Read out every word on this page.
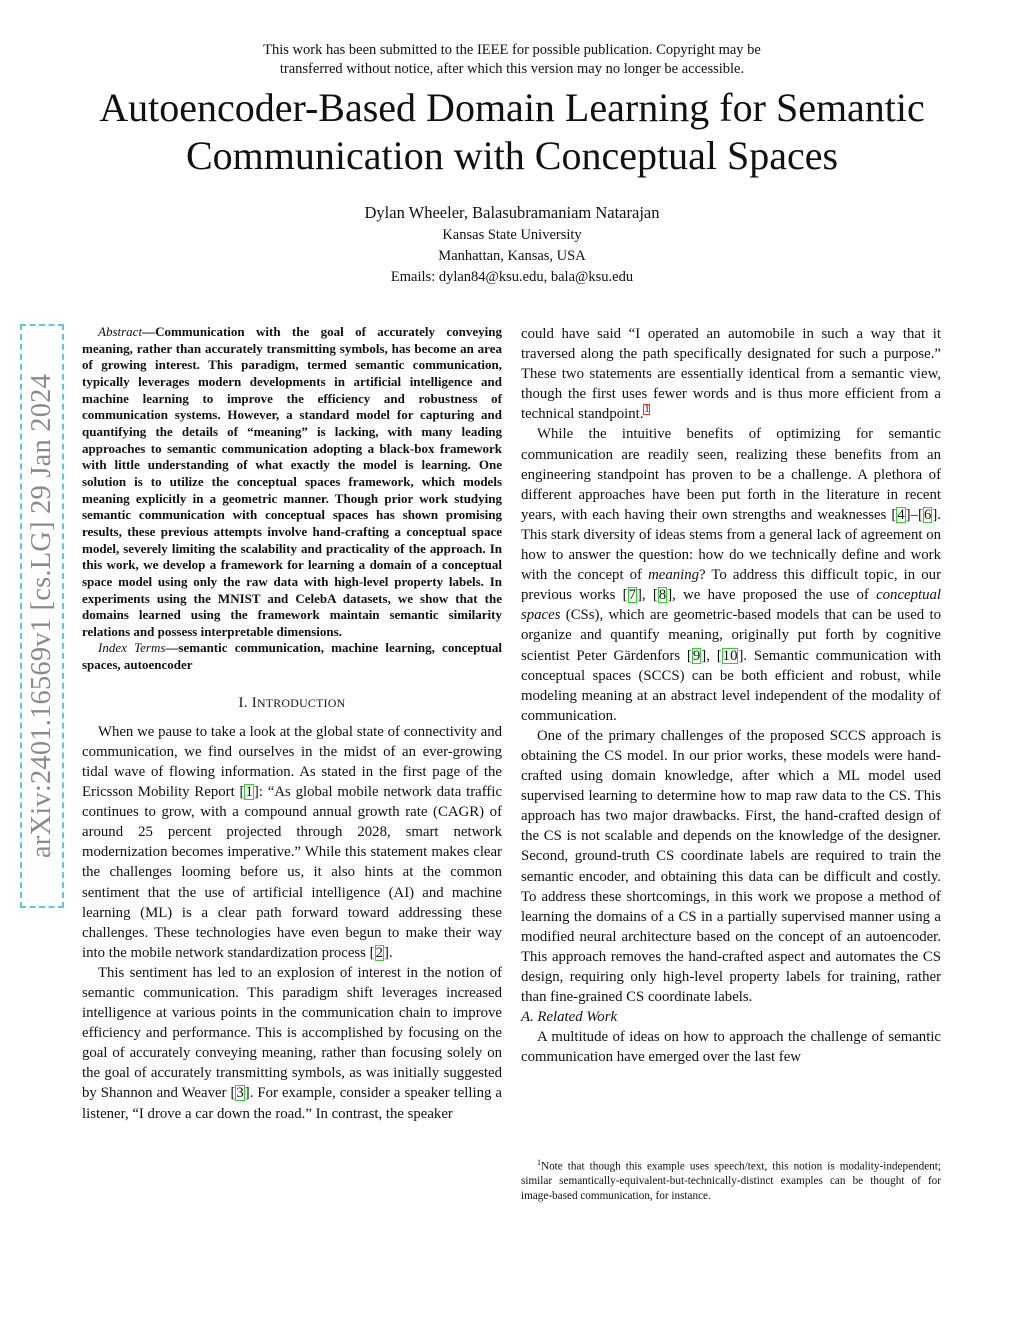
This work has been submitted to the IEEE for possible publication. Copyright may be
transferred without notice, after which this version may no longer be accessible.
Autoencoder-Based Domain Learning for Semantic
Communication with Conceptual Spaces
Dylan Wheeler, Balasubramaniam Natarajan
Kansas State University
Manhattan, Kansas, USA
Emails: dylan84@ksu.edu, bala@ksu.edu
arXiv:2401.16569v1 [cs.LG] 29 Jan 2024

Abstract—Communication with the goal of accurately conveying meaning, rather than accurately transmitting symbols, has become an area of growing interest. This paradigm, termed semantic communication, typically leverages modern developments in artificial intelligence and machine learning to improve the efficiency and robustness of communication systems. However, a standard model for capturing and quantifying the details of “meaning” is lacking, with many leading approaches to semantic communication adopting a black-box framework with little understanding of what exactly the model is learning. One solution is to utilize the conceptual spaces framework, which models meaning explicitly in a geometric manner. Though prior work studying semantic communication with conceptual spaces has shown promising results, these previous attempts involve hand-crafting a conceptual space model, severely limiting the scalability and practicality of the approach. In this work, we develop a framework for learning a domain of a conceptual space model using only the raw data with high-level property labels. In experiments using the MNIST and CelebA datasets, we show that the domains learned using the framework maintain semantic similarity relations and possess interpretable dimensions.

Index Terms—semantic communication, machine learning, conceptual spaces, autoencoder

I. INTRODUCTION

When we pause to take a look at the global state of connectivity and communication, we find ourselves in the midst of an ever-growing tidal wave of flowing information. As stated in the first page of the Ericsson Mobility Report [1]: “As global mobile network data traffic continues to grow, with a compound annual growth rate (CAGR) of around 25 percent projected through 2028, smart network modernization becomes imperative.” While this statement makes clear the challenges looming before us, it also hints at the common sentiment that the use of artificial intelligence (AI) and machine learning (ML) is a clear path forward toward addressing these challenges. These technologies have even begun to make their way into the mobile network standardization process [2].

This sentiment has led to an explosion of interest in the notion of semantic communication. This paradigm shift leverages increased intelligence at various points in the communication chain to improve efficiency and performance. This is accomplished by focusing on the goal of accurately conveying meaning, rather than focusing solely on the goal of accurately transmitting symbols, as was initially suggested by Shannon and Weaver [3]. For example, consider a speaker telling a listener, “I drove a car down the road.” In contrast, the speaker

could have said “I operated an automobile in such a way that it traversed along the path specifically designated for such a purpose.” These two statements are essentially identical from a semantic view, though the first uses fewer words and is thus more efficient from a technical standpoint.$^1$

While the intuitive benefits of optimizing for semantic communication are readily seen, realizing these benefits from an engineering standpoint has proven to be a challenge. A plethora of different approaches have been put forth in the literature in recent years, with each having their own strengths and weaknesses [4]–[6]. This stark diversity of ideas stems from a general lack of agreement on how to answer the question: how do we technically define and work with the concept of meaning? To address this difficult topic, in our previous works [7], [8], we have proposed the use of conceptual spaces (CSs), which are geometric-based models that can be used to organize and quantify meaning, originally put forth by cognitive scientist Peter Gärdenfors [9], [10]. Semantic communication with conceptual spaces (SCCS) can be both efficient and robust, while modeling meaning at an abstract level independent of the modality of communication.

One of the primary challenges of the proposed SCCS approach is obtaining the CS model. In our prior works, these models were hand-crafted using domain knowledge, after which a ML model used supervised learning to determine how to map raw data to the CS. This approach has two major drawbacks. First, the hand-crafted design of the CS is not scalable and depends on the knowledge of the designer. Second, ground-truth CS coordinate labels are required to train the semantic encoder, and obtaining this data can be difficult and costly. To address these shortcomings, in this work we propose a method of learning the domains of a CS in a partially supervised manner using a modified neural architecture based on the concept of an autoencoder. This approach removes the hand-crafted aspect and automates the CS design, requiring only high-level property labels for training, rather than fine-grained CS coordinate labels.

A. Related Work

A multitude of ideas on how to approach the challenge of semantic communication have emerged over the last few

$^1$Note that though this example uses speech/text, this notion is modality-independent; similar semantically-equivalent-but-technically-distinct examples can be thought of for image-based communication, for instance.
